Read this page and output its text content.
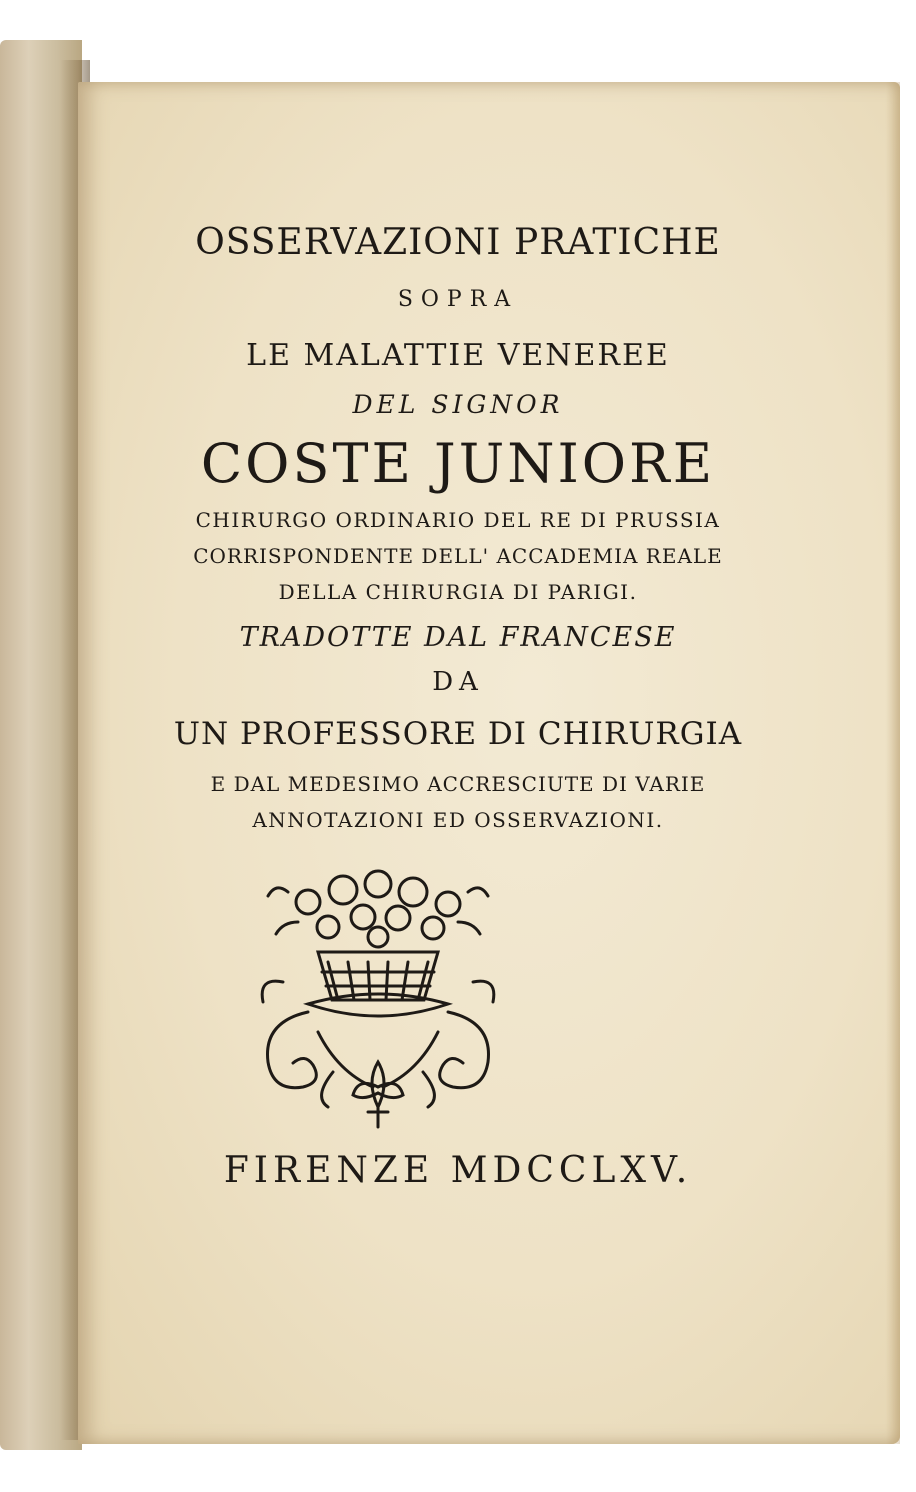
OSSERVAZIONI PRATICHE
SOPRA
LE MALATTIE VENEREE
DEL SIGNOR
COSTE JUNIORE
CHIRURGO ORDINARIO DEL RE DI PRUSSIA
CORRISPONDENTE DELL' ACCADEMIA REALE
DELLA CHIRURGIA DI PARIGI.
TRADOTTE DAL FRANCESE
DA
UN PROFESSORE DI CHIRURGIA
E DAL MEDESIMO ACCRESCIUTE DI VARIE
ANNOTAZIONI ED OSSERVAZIONI.
FIRENZE MDCCLXV.
